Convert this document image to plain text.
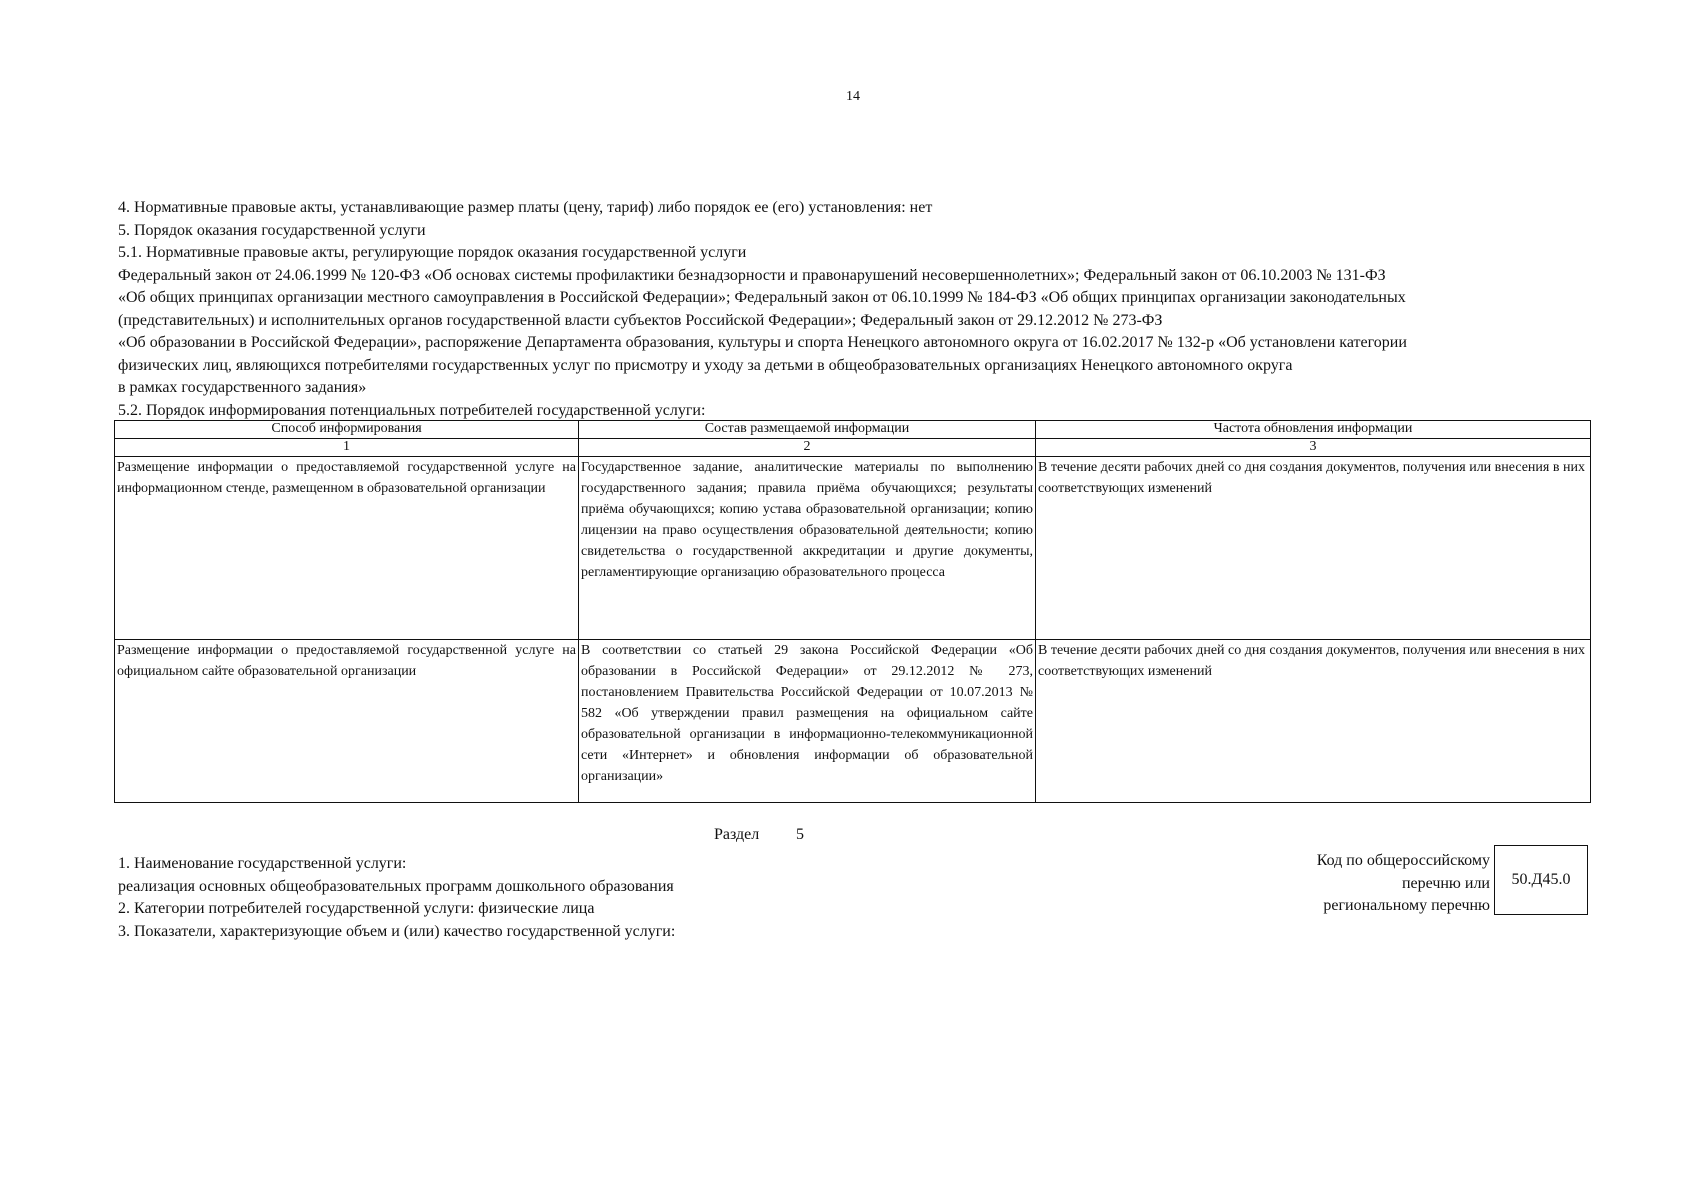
14
4. Нормативные правовые акты, устанавливающие размер платы (цену, тариф) либо порядок ее (его) установления: нет
5. Порядок оказания государственной услуги
5.1. Нормативные правовые акты, регулирующие порядок оказания государственной услуги
Федеральный закон от 24.06.1999 № 120-ФЗ «Об основах системы профилактики безнадзорности и правонарушений несовершеннолетних»; Федеральный закон от 06.10.2003 № 131-ФЗ
«Об общих принципах организации местного самоуправления в Российской Федерации»; Федеральный закон от 06.10.1999 № 184-ФЗ «Об общих принципах организации законодательных
(представительных) и исполнительных органов государственной власти субъектов Российской Федерации»; Федеральный закон от 29.12.2012 № 273-ФЗ
«Об образовании в Российской Федерации», распоряжение Департамента образования, культуры и спорта Ненецкого автономного округа от 16.02.2017 № 132-р «Об установлени категории
физических лиц, являющихся потребителями государственных услуг по присмотру и уходу за детьми в общеобразовательных организациях Ненецкого автономного округа
в рамках государственного задания»
5.2. Порядок информирования потенциальных потребителей государственной услуги:
Способ информирования	Состав размещаемой информации	Частота обновления информации
1	2	3
Размещение информации о предоставляемой государственной услуге на информационном стенде, размещенном в образовательной организации	Государственное задание, аналитические материалы по выполнению государственного задания; правила приёма обучающихся; результаты приёма обучающихся; копию устава образовательной организации; копию лицензии на право осуществления образовательной деятельности; копию свидетельства о государственной аккредитации и другие документы, регламентирующие организацию образовательного процесса	В течение десяти рабочих дней со дня создания документов, получения или внесения в них соответствующих изменений
Размещение информации о предоставляемой государственной услуге на официальном сайте образовательной организации	В соответствии со статьей 29 закона Российской Федерации «Об образовании в Российской Федерации» от 29.12.2012 № 273, постановлением Правительства Российской Федерации от 10.07.2013 № 582 «Об утверждении правил размещения на официальном сайте образовательной организации в информационно-телекоммуникационной сети «Интернет» и обновления информации об образовательной организации»	В течение десяти рабочих дней со дня создания документов, получения или внесения в них соответствующих изменений
Раздел 5
1. Наименование государственной услуги:
реализация основных общеобразовательных программ дошкольного образования
2. Категории потребителей государственной услуги: физические лица
3. Показатели, характеризующие объем и (или) качество государственной услуги:
Код по общероссийскому
перечню или
региональному перечню
50.Д45.0
